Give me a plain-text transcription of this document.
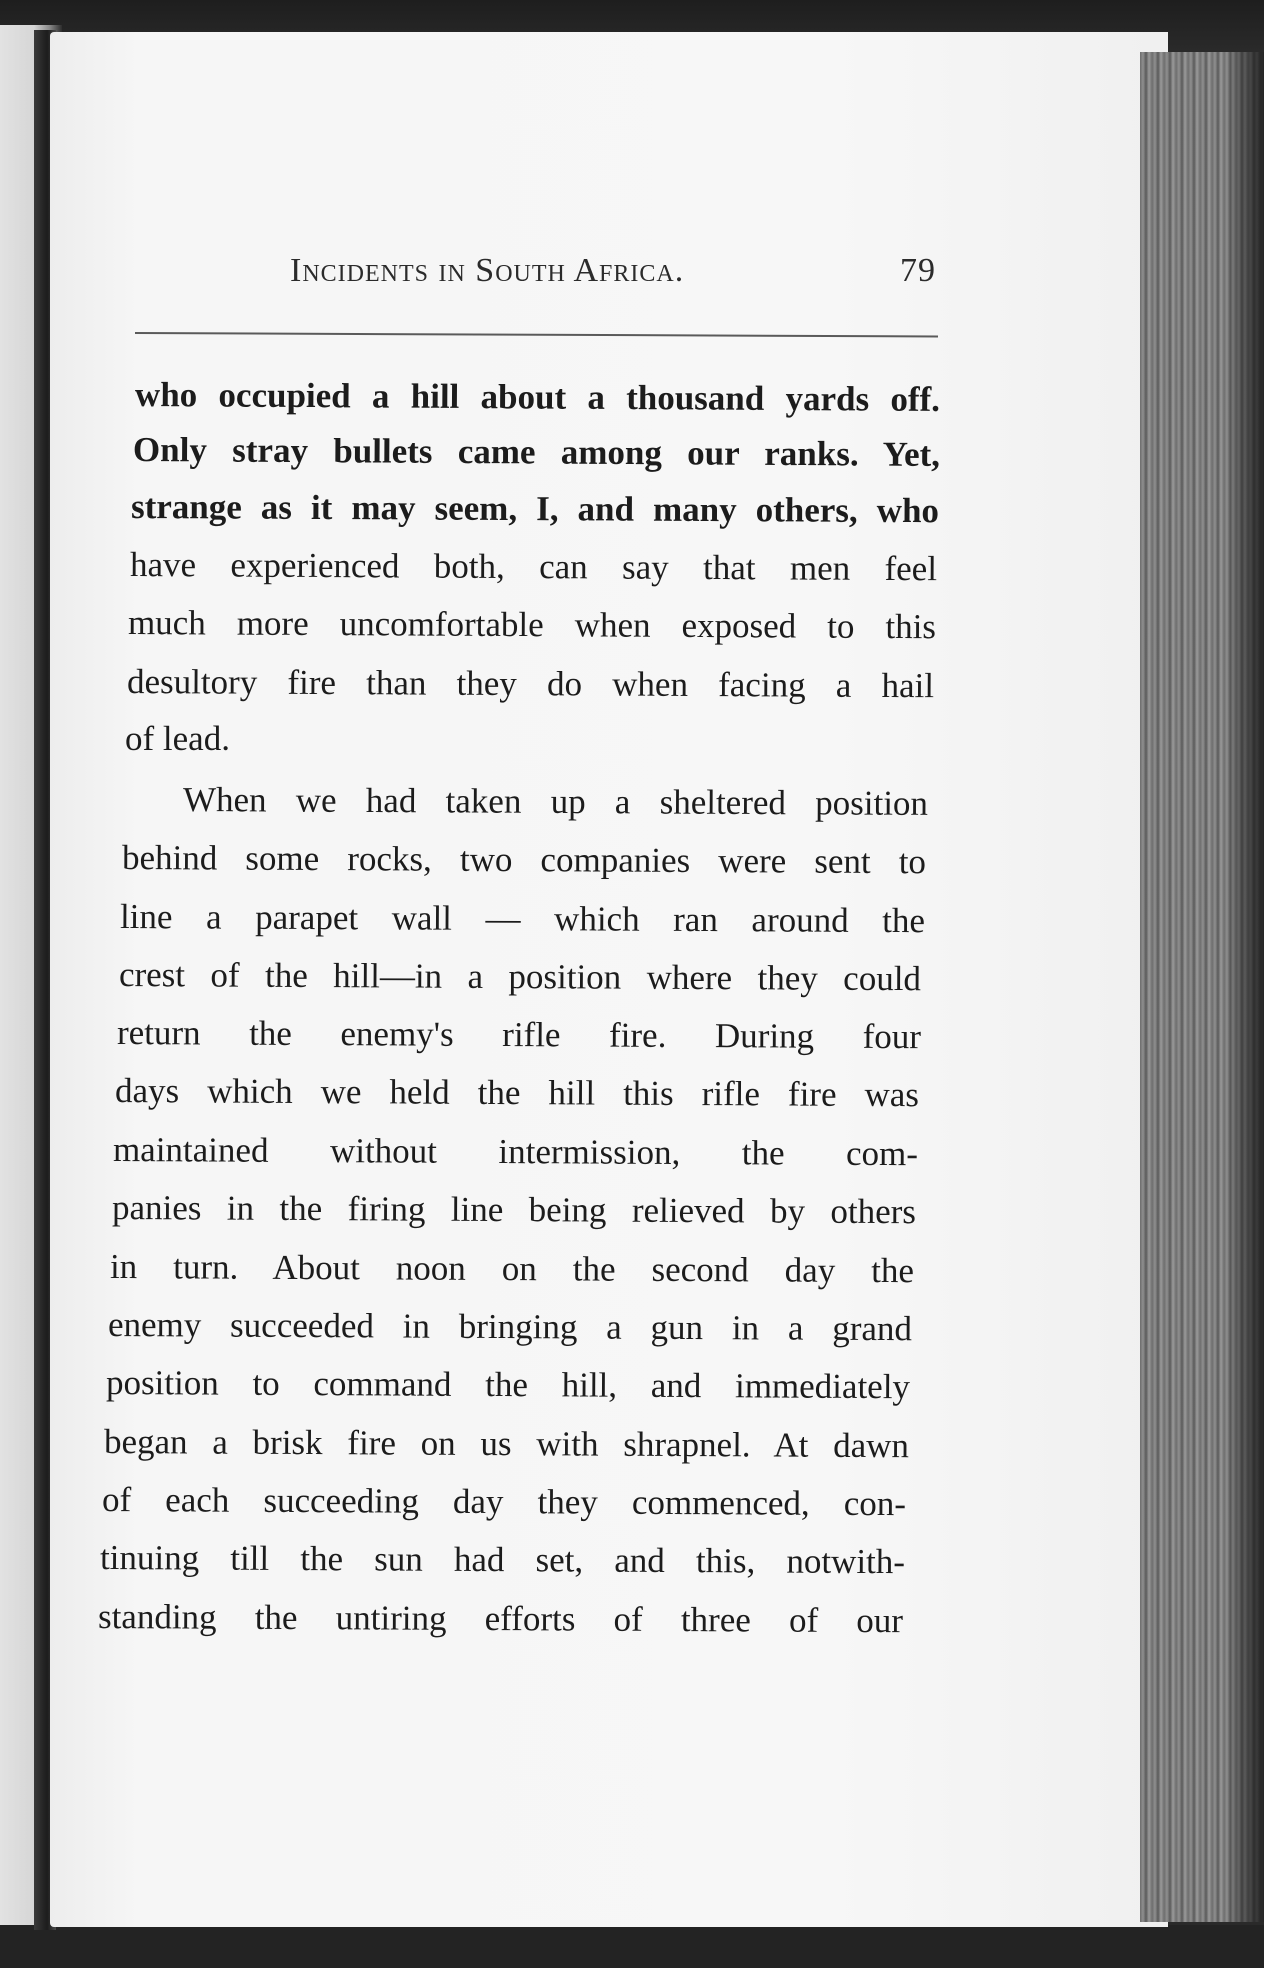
Incidents in South Africa.	79
who occupied a hill about a thousand yards off.
Only stray bullets came among our ranks. Yet,
strange as it may seem, I, and many others, who
have experienced both, can say that men feel
much more uncomfortable when exposed to this
desultory fire than they do when facing a hail
of lead.
When we had taken up a sheltered position
behind some rocks, two companies were sent to
line a parapet wall — which ran around the
crest of the hill—in a position where they could
return the enemy's rifle fire. During four
days which we held the hill this rifle fire was
maintained without intermission, the com-
panies in the firing line being relieved by others
in turn. About noon on the second day the
enemy succeeded in bringing a gun in a grand
position to command the hill, and immediately
began a brisk fire on us with shrapnel. At dawn
of each succeeding day they commenced, con-
tinuing till the sun had set, and this, notwith-
standing the untiring efforts of three of our
